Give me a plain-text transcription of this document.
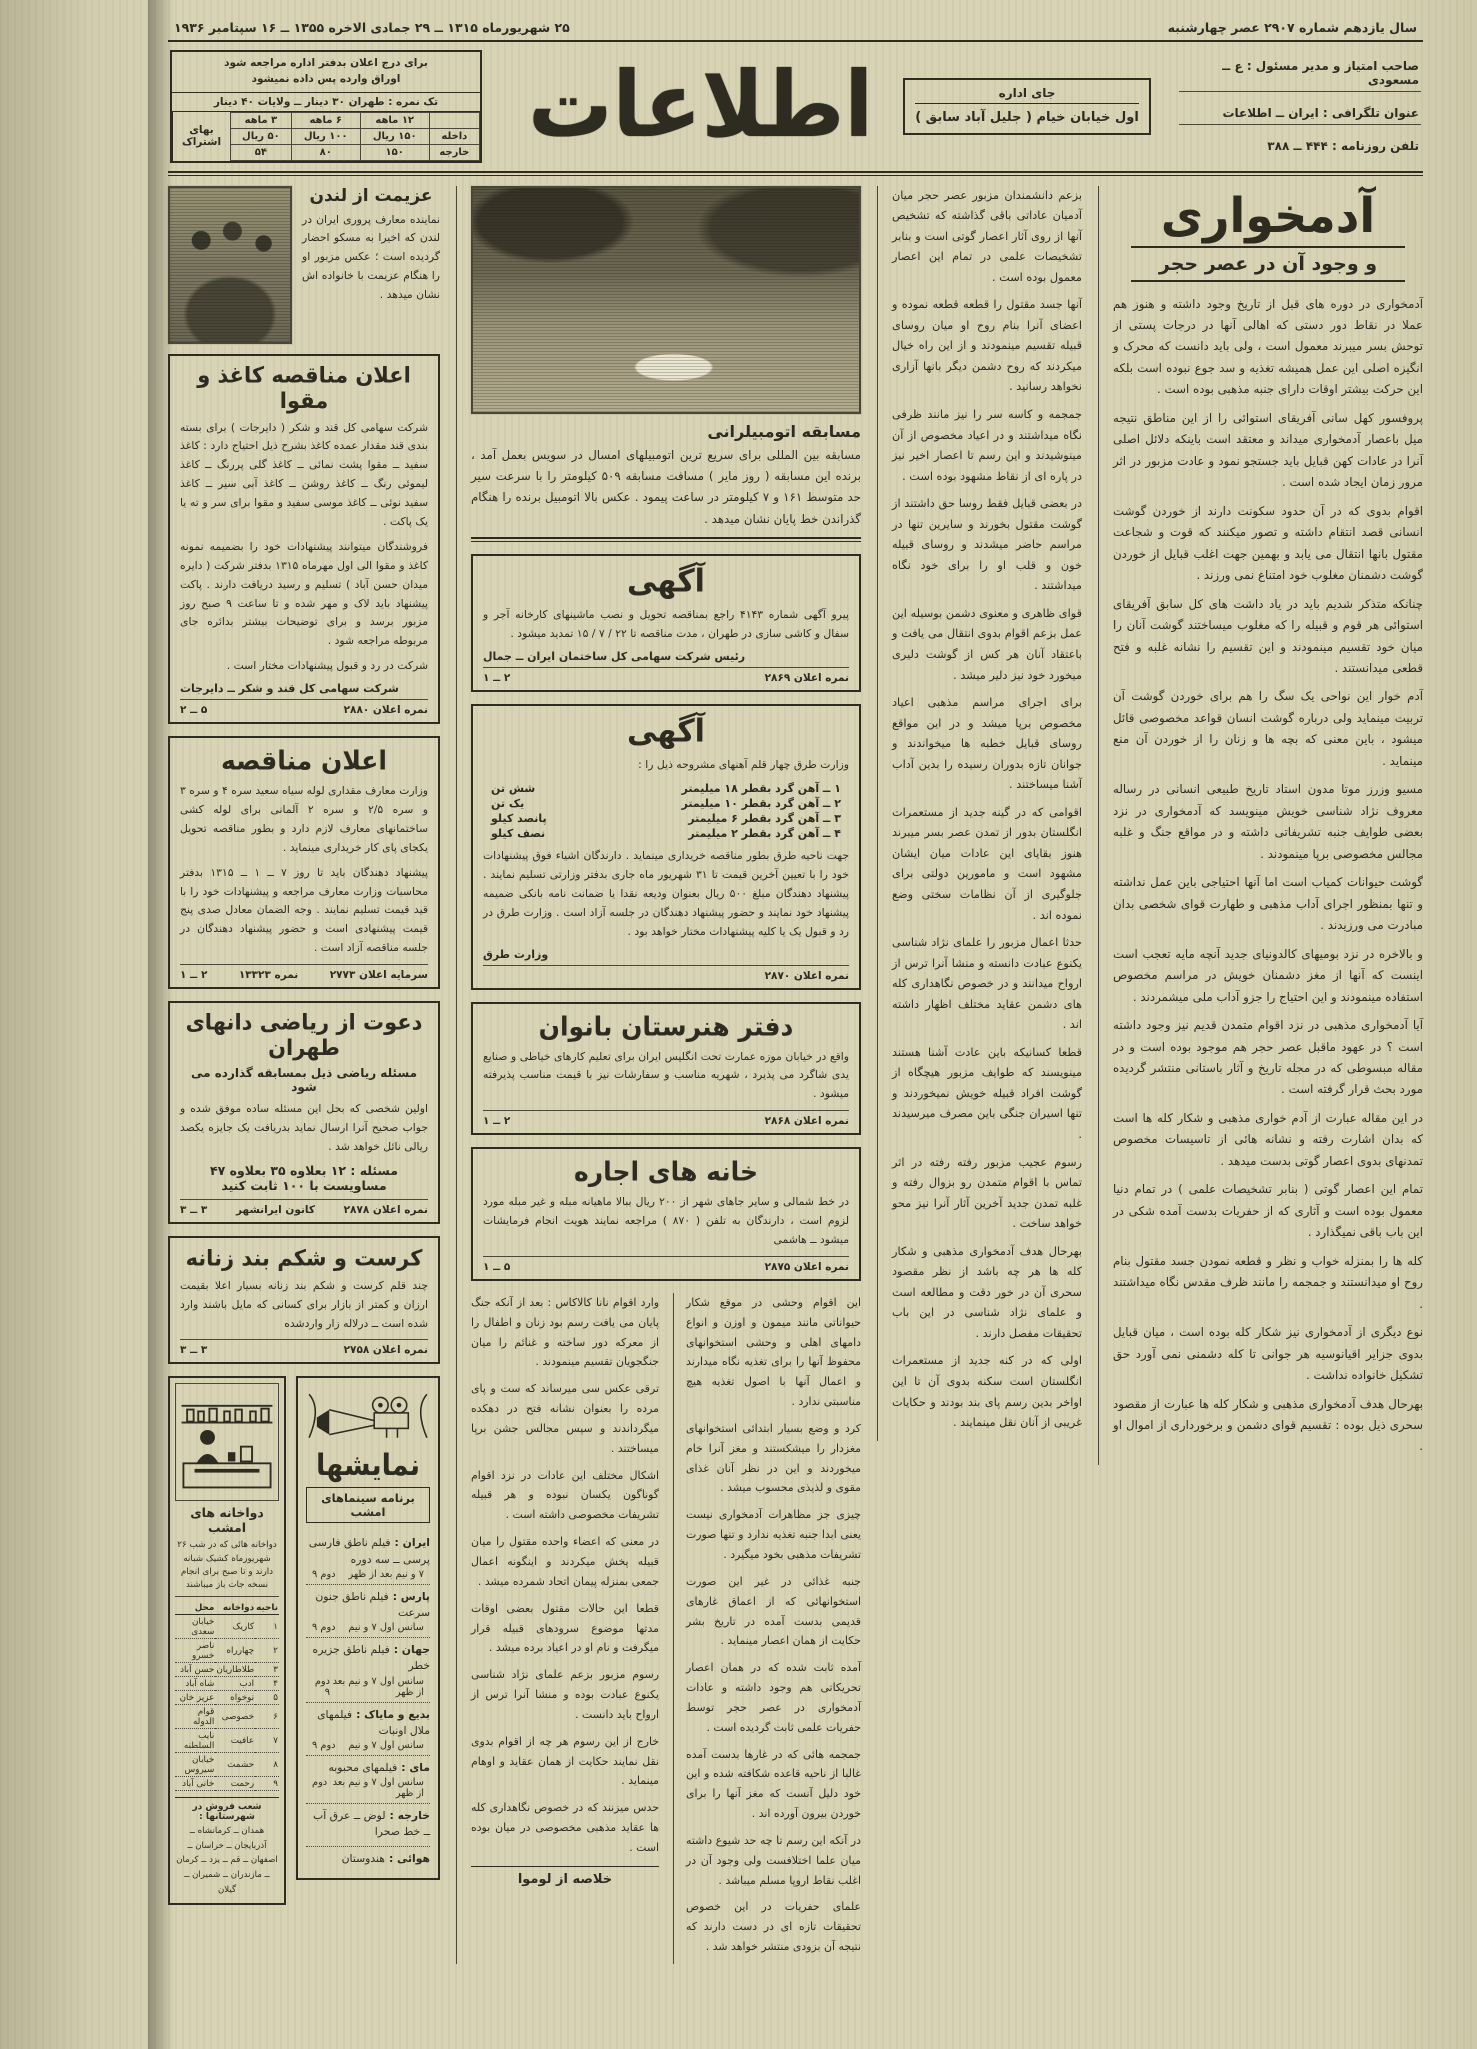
سال یازدهم شماره ۲۹۰۷ عصر چهارشنبه
۲۵ شهریورماه ۱۳۱۵ ــ ۲۹ جمادی الاخره ۱۳۵۵ ــ ۱۶ سپتامبر ۱۹۳۶
صاحب امتیاز و مدیر مسئول : ع ــ مسعودی
عنوان تلگرافی : ایران ــ اطلاعات
تلفن روزنامه : ۴۴۴ ــ ۳۸۸
جای اداره
اول خیابان خیام ( جلیل آباد سابق )
اطلاعات
برای درج اعلان بدفتر اداره مراجعه شود
اوراق وارده پس داده نمیشود
تک نمره : طهران ۳۰ دینار ــ ولایات ۴۰ دینار
	۱۲ ماهه	۶ ماهه	۳ ماهه
داخله	۱۵۰ ریال	۱۰۰ ریال	۵۰ ریال
خارجه	۱۵۰	۸۰	۵۴
بهای اشتراک
آدمخواری
و وجود آن در عصر حجر

آدمخواری در دوره های قبل از تاریخ وجود داشته و هنوز هم عملا در نقاط دور دستی که اهالی آنها در درجات پستی از توحش بسر میبرند معمول است ، ولی باید دانست که محرک و انگیزه اصلی این عمل همیشه تغذیه و سد جوع نبوده است بلکه این حرکت بیشتر اوقات دارای جنبه مذهبی بوده است .

پروفسور کهل سانی آفریقای استوائی را از این مناطق نتیجه میل باعصار آدمخواری میداند و معتقد است باینکه دلائل اصلی آنرا در عادات کهن قبایل باید جستجو نمود و عادت مزبور در اثر مرور زمان ایجاد شده است .

اقوام بدوی که در آن حدود سکونت دارند از خوردن گوشت انسانی قصد انتقام داشته و تصور میکنند که قوت و شجاعت مقتول بانها انتقال می یابد و بهمین جهت اغلب قبایل از خوردن گوشت دشمنان مغلوب خود امتناع نمی ورزند .

چنانکه متذکر شدیم باید در یاد داشت های کل سابق آفریقای استوائی هر قوم و قبیله را که مغلوب میساختند گوشت آنان را میان خود تقسیم مینمودند و این تقسیم را نشانه غلبه و فتح قطعی میدانستند .

آدم خوار این نواحی یک سگ را هم برای خوردن گوشت آن تربیت مینماید ولی درباره گوشت انسان قواعد مخصوصی قائل میشود ، باین معنی که بچه ها و زنان را از خوردن آن منع مینماید .

مسیو وزرز موتا مدون استاد تاریخ طبیعی انسانی در رساله معروف نژاد شناسی خویش مینویسد که آدمخواری در نزد بعضی طوایف جنبه تشریفاتی داشته و در مواقع جنگ و غلبه مجالس مخصوصی برپا مینمودند .

گوشت حیوانات کمیاب است اما آنها احتیاجی باین عمل نداشته و تنها بمنظور اجرای آداب مذهبی و طهارت قوای شخصی بدان مبادرت می ورزیدند .

و بالاخره در نزد بومیهای کالدونیای جدید آنچه مایه تعجب است اینست که آنها از مغز دشمنان خویش در مراسم مخصوص استفاده مینمودند و این احتیاج را جزو آداب ملی میشمردند .

آیا آدمخواری مذهبی در نزد اقوام متمدن قدیم نیز وجود داشته است ؟ در عهود ماقبل عصر حجر هم موجود بوده است و در مقاله مبسوطی که در مجله تاریخ و آثار باستانی منتشر گردیده مورد بحث قرار گرفته است .

در این مقاله عبارت از آدم خواری مذهبی و شکار کله ها است که بدان اشارت رفته و نشانه هائی از تاسیسات مخصوص تمدنهای بدوی اعصار گوتی بدست میدهد .

تمام این اعصار گوتی ( بنابر تشخیصات علمی ) در تمام دنیا معمول بوده است و آثاری که از حفریات بدست آمده شکی در این باب باقی نمیگذارد .

کله ها را بمنزله خواب و نظر و قطعه نمودن جسد مقتول بنام روح او میدانستند و جمجمه را مانند ظرف مقدس نگاه میداشتند .

نوع دیگری از آدمخواری نیز شکار کله بوده است ، میان قبایل بدوی جزایر اقیانوسیه هر جوانی تا کله دشمنی نمی آورد حق تشکیل خانواده نداشت .

بهرحال هدف آدمخواری مذهبی و شکار کله ها عبارت از مقصود سحری ذیل بوده : تقسیم قوای دشمن و برخورداری از اموال او .

بزعم دانشمندان مزبور عصر حجر میان آدمیان عاداتی باقی گذاشته که تشخیص آنها از روی آثار اعصار گوتی است و بنابر تشخیصات علمی در تمام این اعصار معمول بوده است .

آنها جسد مقتول را قطعه قطعه نموده و اعضای آنرا بنام روح او میان روسای قبیله تقسیم مینمودند و از این راه خیال میکردند که روح دشمن دیگر بانها آزاری نخواهد رسانید .

جمجمه و کاسه سر را نیز مانند ظرفی نگاه میداشتند و در اعیاد مخصوص از آن مینوشیدند و این رسم تا اعصار اخیر نیز در پاره ای از نقاط مشهود بوده است .

در بعضی قبایل فقط روسا حق داشتند از گوشت مقتول بخورند و سایرین تنها در مراسم حاضر میشدند و روسای قبیله خون و قلب او را برای خود نگاه میداشتند .

قوای ظاهری و معنوی دشمن بوسیله این عمل بزعم اقوام بدوی انتقال می یافت و باعتقاد آنان هر کس از گوشت دلیری میخورد خود نیز دلیر میشد .

برای اجرای مراسم مذهبی اعیاد مخصوص برپا میشد و در این مواقع روسای قبایل خطبه ها میخواندند و جوانان تازه بدوران رسیده را بدین آداب آشنا میساختند .

اقوامی که در گینه جدید از مستعمرات انگلستان بدور از تمدن عصر بسر میبرند هنوز بقایای این عادات میان ایشان مشهود است و مامورین دولتی برای جلوگیری از آن نظامات سختی وضع نموده اند .

حدثا اعمال مزبور را علمای نژاد شناسی یکنوع عبادت دانسته و منشا آنرا ترس از ارواح میدانند و در خصوص نگاهداری کله های دشمن عقاید مختلف اظهار داشته اند .

قطعا کسانیکه باین عادت آشنا هستند مینویسند که طوایف مزبور هیچگاه از گوشت افراد قبیله خویش نمیخوردند و تنها اسیران جنگی باین مصرف میرسیدند .

رسوم عجیب مزبور رفته رفته در اثر تماس با اقوام متمدن رو بزوال رفته و غلبه تمدن جدید آخرین آثار آنرا نیز محو خواهد ساخت .

بهرحال هدف آدمخواری مذهبی و شکار کله ها هر چه باشد از نظر مقصود سحری آن در خور دقت و مطالعه است و علمای نژاد شناسی در این باب تحقیقات مفصل دارند .

اولی که در کنه جدید از مستعمرات انگلستان است سکنه بدوی آن تا این اواخر بدین رسم پای بند بودند و حکایات غریبی از آنان نقل مینمایند .

مسابقه اتومبیلرانی

مسابقه بین المللی برای سریع ترین اتومبیلهای امسال در سویس بعمل آمد ، برنده این مسابقه ( روز مایر ) مسافت مسابقه ۵۰۹ کیلومتر را با سرعت سیر حد متوسط ۱۶۱ و ۷ کیلومتر در ساعت پیمود . عکس بالا اتومبیل برنده را هنگام گذراندن خط پایان نشان میدهد .

آگهی

پیرو آگهی شماره ۴۱۴۳ راجع بمناقصه تحویل و نصب ماشینهای کارخانه آجر و سفال و کاشی سازی در طهران ، مدت مناقصه تا ۲۲ / ۷ / ۱۵ تمدید میشود .

رئیس شرکت سهامی کل ساختمان ایران ــ جمال
نمره اعلان ۲۸۶۹
۲ ــ ۱
آگهی

وزارت طرق چهار قلم آهنهای مشروحه ذیل را :

۱ ــ آهن گرد بقطر ۱۸ میلیمتر
شش تن
۲ ــ آهن گرد بقطر ۱۰ میلیمتر
یک تن
۳ ــ آهن گرد بقطر ۶ میلیمتر
پانصد کیلو
۴ ــ آهن گرد بقطر ۲ میلیمتر
نصف کیلو

جهت ناحیه طرق بطور مناقصه خریداری مینماید . دارندگان اشیاء فوق پیشنهادات خود را با تعیین آخرین قیمت تا ۳۱ شهریور ماه جاری بدفتر وزارتی تسلیم نمایند . پیشنهاد دهندگان مبلغ ۵۰۰ ریال بعنوان ودیعه نقدا یا ضمانت نامه بانکی ضمیمه پیشنهاد خود نمایند و حضور پیشنهاد دهندگان در جلسه آزاد است . وزارت طرق در رد و قبول یک یا کلیه پیشنهادات مختار خواهد بود .

وزارت طرق
نمره اعلان ۲۸۷۰
دفتر هنرستان بانوان

واقع در خیابان موزه عمارت تحت انگلیس ایران برای تعلیم کارهای خیاطی و صنایع یدی شاگرد می پذیرد ، شهریه مناسب و سفارشات نیز با قیمت مناسب پذیرفته میشود .

نمره اعلان ۲۸۶۸
۲ ــ ۱
خانه های اجاره

در خط شمالی و سایر جاهای شهر از ۲۰۰ ریال ببالا ماهیانه مبله و غیر مبله مورد لزوم است ، دارندگان به تلفن ( ۸۷۰ ) مراجعه نمایند هویت انجام فرمایشات میشود ــ هاشمی

نمره اعلان ۲۸۷۵
۵ ــ ۱

این اقوام وحشی در موقع شکار حیواناتی مانند میمون و اوزن و انواع دامهای اهلی و وحشی استخوانهای محفوظ آنها را برای تغذیه نگاه میدارند و اعمال آنها با اصول تغذیه هیچ مناسبتی ندارد .

کرد و وضع بسیار ابتدائی استخوانهای مغزدار را میشکستند و مغز آنرا خام میخوردند و این در نظر آنان غذای مقوی و لذیذی محسوب میشد .

چیزی جز مظاهرات آدمخواری نیست یعنی ابدا جنبه تغذیه ندارد و تنها صورت تشریفات مذهبی بخود میگیرد .

جنبه غذائی در غیر این صورت استخوانهائی که از اعماق غارهای قدیمی بدست آمده در تاریخ بشر حکایت از همان اعصار مینماید .

آمده ثابت شده که در همان اعصار تحریکاتی هم وجود داشته و عادات آدمخواری در عصر حجر توسط حفریات علمی ثابت گردیده است .

جمجمه هائی که در غارها بدست آمده غالبا از ناحیه قاعده شکافته شده و این خود دلیل آنست که مغز آنها را برای خوردن بیرون آورده اند .

در آنکه این رسم تا چه حد شیوع داشته میان علما اختلافست ولی وجود آن در اغلب نقاط اروپا مسلم میباشد .

علمای حفریات در این خصوص تحقیقات تازه ای در دست دارند که نتیجه آن بزودی منتشر خواهد شد .

وارد اقوام نانا کالاکاس : بعد از آنکه جنگ پایان می یافت رسم بود زنان و اطفال را از معرکه دور ساخته و غنائم را میان جنگجویان تقسیم مینمودند .

ترقی عکس سی میرساند که ست و پای مرده را بعنوان نشانه فتح در دهکده میگرداندند و سپس مجالس جشن برپا میساختند .

اشکال مختلف این عادات در نزد اقوام گوناگون یکسان نبوده و هر قبیله تشریفات مخصوصی داشته است .

در معنی که اعضاء واحده مقتول را میان قبیله پخش میکردند و اینگونه اعمال جمعی بمنزله پیمان اتحاد شمرده میشد .

قطعا این حالات مقتول بعضی اوقات مدتها موضوع سرودهای قبیله قرار میگرفت و نام او در اعیاد برده میشد .

رسوم مزبور بزعم علمای نژاد شناسی یکنوع عبادت بوده و منشا آنرا ترس از ارواح باید دانست .

خارج از این رسوم هر چه از اقوام بدوی نقل نمایند حکایت از همان عقاید و اوهام مینماید .

حدس میزنند که در خصوص نگاهداری کله ها عقاید مذهبی مخصوصی در میان بوده است .

خلاصه از لوموا
عزیمت از لندن

نماینده معارف پروری ایران در لندن که اخیرا به مسکو احضار گردیده است ؛ عکس مزبور او را هنگام عزیمت با خانواده اش نشان میدهد .

اعلان مناقصه کاغذ و مقوا

شرکت سهامی کل قند و شکر ( دایرجات ) برای بسته بندی قند مقدار عمده کاغذ بشرح ذیل احتیاج دارد : کاغذ سفید ــ مقوا پشت نمائی ــ کاغذ گلی پررنگ ــ کاغذ لیموئی رنگ ــ کاغذ روشن ــ کاغذ آبی سیر ــ کاغذ سفید نوئی ــ کاغذ موسی سفید و مقوا برای سر و ته یا یک پاکت .

فروشندگان میتوانند پیشنهادات خود را بضمیمه نمونه کاغذ و مقوا الی اول مهرماه ۱۳۱۵ بدفتر شرکت ( دایره میدان حسن آباد ) تسلیم و رسید دریافت دارند . پاکت پیشنهاد باید لاک و مهر شده و تا ساعت ۹ صبح روز مزبور برسد و برای توضیحات بیشتر بدائره جای مربوطه مراجعه شود .

شرکت در رد و قبول پیشنهادات مختار است .

شرکت سهامی کل قند و شکر ــ دایرجات
نمره اعلان ۲۸۸۰
۵ ــ ۲
اعلان مناقصه

وزارت معارف مقداری لوله سیاه سعید سره ۴ و سره ۳ و سره ۲/۵ و سره ۲ آلمانی برای لوله کشی ساختمانهای معارف لازم دارد و بطور مناقصه تحویل یکجای پای کار خریداری مینماید .

پیشنهاد دهندگان باید تا روز ۷ ــ ۱ ــ ۱۳۱۵ بدفتر محاسبات وزارت معارف مراجعه و پیشنهادات خود را با قید قیمت تسلیم نمایند . وجه الضمان معادل صدی پنج قیمت پیشنهادی است و حضور پیشنهاد دهندگان در جلسه مناقصه آزاد است .

سرمایه اعلان ۲۷۷۳
نمره ۱۳۳۲۳
۲ ــ ۱
دعوت از ریاضی دانهای طهران
مسئله ریاضی ذیل بمسابقه گذارده می شود

اولین شخصی که بحل این مسئله ساده موفق شده و جواب صحیح آنرا ارسال نماید بدریافت یک جایزه یکصد ریالی نائل خواهد شد .

مسئله : ۱۲ بعلاوه ۳۵ بعلاوه ۴۷ مساویست با ۱۰۰ ثابت کنید
نمره اعلان ۲۸۷۸
کانون ایرانشهر
۳ ــ ۳
کرست و شکم بند زنانه

چند قلم کرست و شکم بند زنانه بسیار اعلا بقیمت ارزان و کمتر از بازار برای کسانی که مایل باشند وارد شده است ــ درلاله زار واردشده

نمره اعلان ۲۷۵۸
۳ ــ ۳
نمایشها
برنامه سینماهای امشب
ایران :فیلم ناطق فارسی پرسی ــ سه دوره
۷ و نیم بعد از ظهر
دوم ۹
پارس :فیلم ناطق جنون سرعت
سانس اول ۷ و نیم
دوم ۹
جهان :فیلم ناطق جزیره خطر
سانس اول ۷ و نیم بعد از ظهر
دوم ۹
بدیع و مایاک :فیلمهای ملال اونبات
سانس اول ۷ و نیم
دوم ۹
مای :فیلمهای محبوبه
سانس اول ۷ و نیم بعد از ظهر
دوم
خارجه :لوض ــ عرق آب ــ خط صحرا
هوائی :هندوستان
دواخانه های امشب
دواخانه هائی که در شب ۲۶ شهریورماه کشیک شبانه دارند و تا صبح برای انجام نسخه جات باز میباشند
ناحیه	دواخانه	محل
۱	کاریک	خیابان سعدی
۲	چهارراه	ناصر خسرو
۳	طلاطاریان	حسن آباد
۴	ادب	شاه آباد
۵	نوخواه	عزیز خان
۶	خصوصی	قوام الدوله
۷	عافیت	نایب السلطنه
۸	حشمت	خیابان سیروس
۹	رحمت	خانی آباد
شعب فروش در شهرستانها :
همدانــ کرمانشاهــ آذربایجانــ خراسانــ اصفهانــ قمــ یزدــ کرمانــ مازندرانــ شمیرانــ گیلان
